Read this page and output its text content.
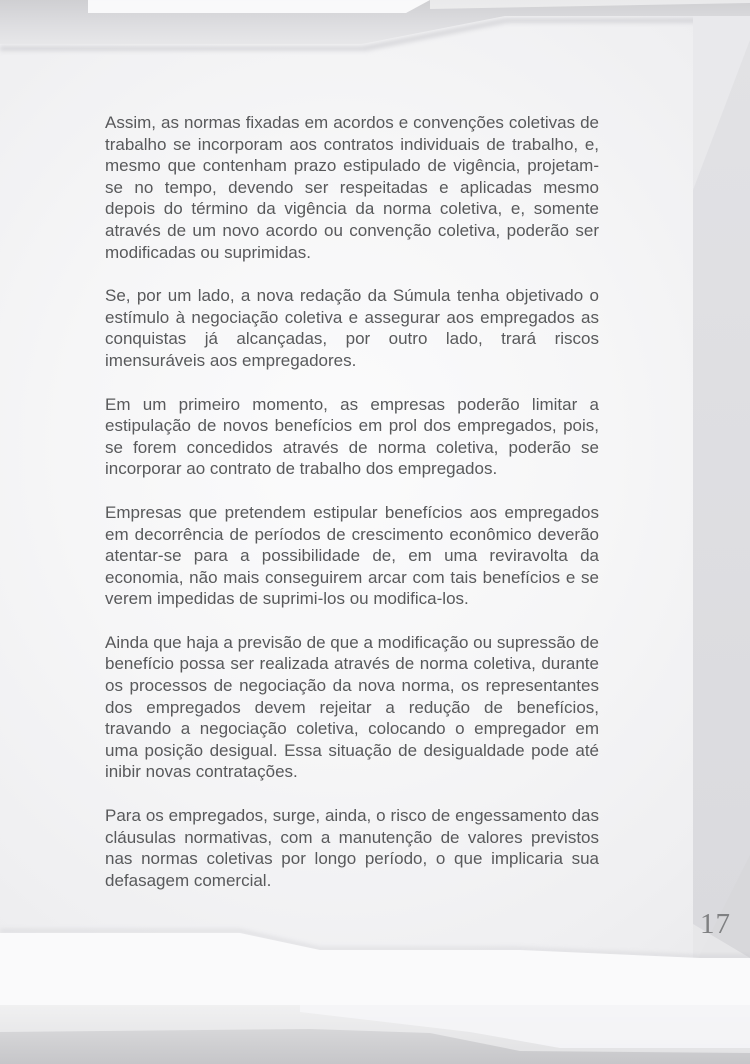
Assim, as normas fixadas em acordos e convenções coletivas de trabalho se incorporam aos contratos individuais de trabalho, e, mesmo que contenham prazo estipulado de vigência, projetam-se no tempo, devendo ser respeitadas e aplicadas mesmo depois do término da vigência da norma coletiva, e, somente através de um novo acordo ou convenção coletiva, poderão ser modificadas ou suprimidas.

Se, por um lado, a nova redação da Súmula tenha objetivado o estímulo à negociação coletiva e assegurar aos empregados as conquistas já alcançadas, por outro lado, trará riscos imensuráveis aos empregadores.

Em um primeiro momento, as empresas poderão limitar a estipulação de novos benefícios em prol dos empregados, pois, se forem concedidos através de norma coletiva, poderão se incorporar ao contrato de trabalho dos empregados.

Empresas que pretendem estipular benefícios aos empregados em decorrência de períodos de crescimento econômico deverão atentar-se para a possibilidade de, em uma reviravolta da economia, não mais conseguirem arcar com tais benefícios e se verem impedidas de suprimi-los ou modifica-los.

Ainda que haja a previsão de que a modificação ou supressão de benefício possa ser realizada através de norma coletiva, durante os processos de negociação da nova norma, os representantes dos empregados devem rejeitar a redução de benefícios, travando a negociação coletiva, colocando o empregador em uma posição desigual. Essa situação de desigualdade pode até inibir novas contratações.

Para os empregados, surge, ainda, o risco de engessamento das cláusulas normativas, com a manutenção de valores previstos nas normas coletivas por longo período, o que implicaria sua defasagem comercial.

17
